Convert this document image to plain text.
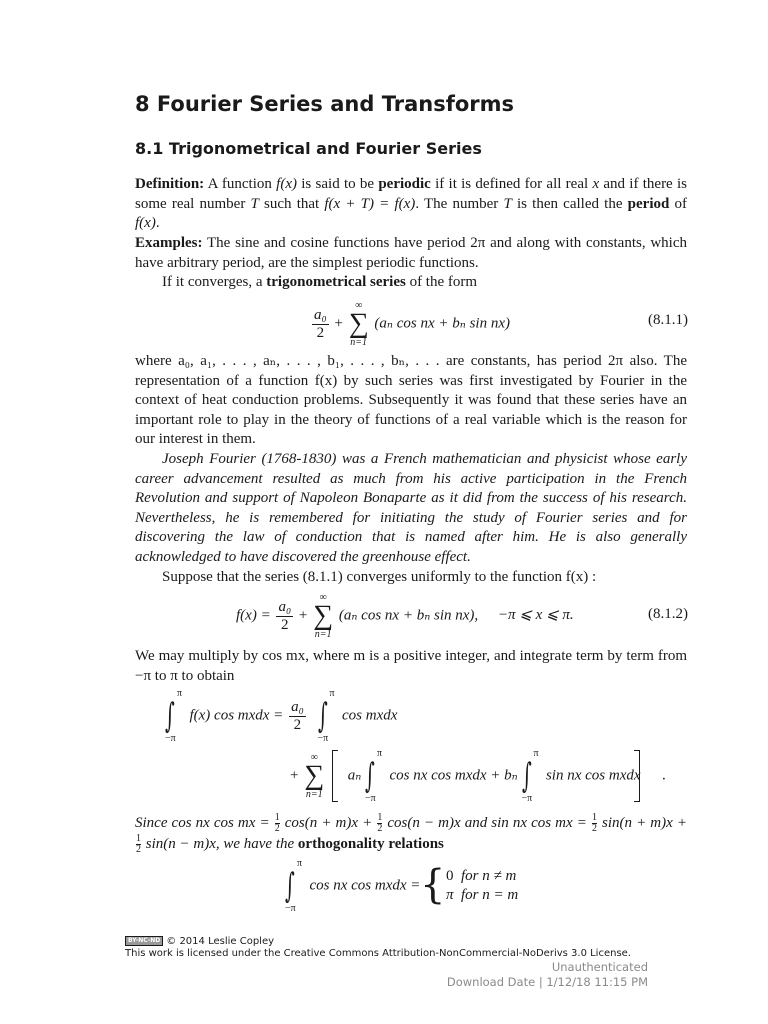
8 Fourier Series and Transforms
8.1 Trigonometrical and Fourier Series

Definition: A function f(x) is said to be periodic if it is defined for all real x and if there is some real number T such that f(x + T) = f(x). The number T is then called the period of f(x).

Examples: The sine and cosine functions have period 2π and along with constants, which have arbitrary period, are the simplest periodic functions.

If it converges, a trigonometrical series of the form

$\frac{\text{a₀}}{2}$ +
∞
∑
n=1
(aₙ cos nx + bₙ sin nx)	(8.1.1)

where a₀, a₁, . . . , aₙ, . . . , b₁, . . . , bₙ, . . . are constants, has period 2π also. The representation of a function f(x) by such series was first investigated by Fourier in the context of heat conduction problems. Subsequently it was found that these series have an important role to play in the theory of functions of a real variable which is the reason for our interest in them.

Joseph Fourier (1768-1830) was a French mathematician and physicist whose early career advancement resulted as much from his active participation in the French Revolution and support of Napoleon Bonaparte as it did from the success of his research. Nevertheless, he is remembered for initiating the study of Fourier series and for discovering the law of conduction that is named after him. He is also generally acknowledged to have discovered the greenhouse effect.

Suppose that the series (8.1.1) converges uniformly to the function f(x) :

$f(x) = \frac{\text{a₀}}{2}$ +
∞
∑
n=1
(aₙ cos nx + bₙ sin nx), −π ⩽ x ⩽ π.	(8.1.2)

We may multiply by cos mx, where m is a positive integer, and integrate term by term from −π to π to obtain

π
∫
−π
f(x) cos mxdx = $\frac{\text{a₀}}{2}$

π
∫
−π
cos mxdx
+
∞
∑
n=1
aₙ
π
∫
−π
cos nx cos mxdx + bₙ
π
∫
−π
sin nx cos mxdx .

Since cos nx cos mx = $\frac{1}{2} \cos(n + m)x + \frac{1}{2} \cos(n - m)x$ and sin nx cos mx = $\frac{1}{2} \sin(n + m)x$ +
$\frac{1}{2} \sin(n - m)x$, we have the orthogonality relations

π
∫
−π
cos nx cos mxdx = { 0 for n ≠ m
π for n = m
BY-NC-ND © 2014 Leslie Copley
This work is licensed under the Creative Commons Attribution-NonCommercial-NoDerivs 3.0 License.
Unauthenticated
Download Date | 1/12/18 11:15 PM
